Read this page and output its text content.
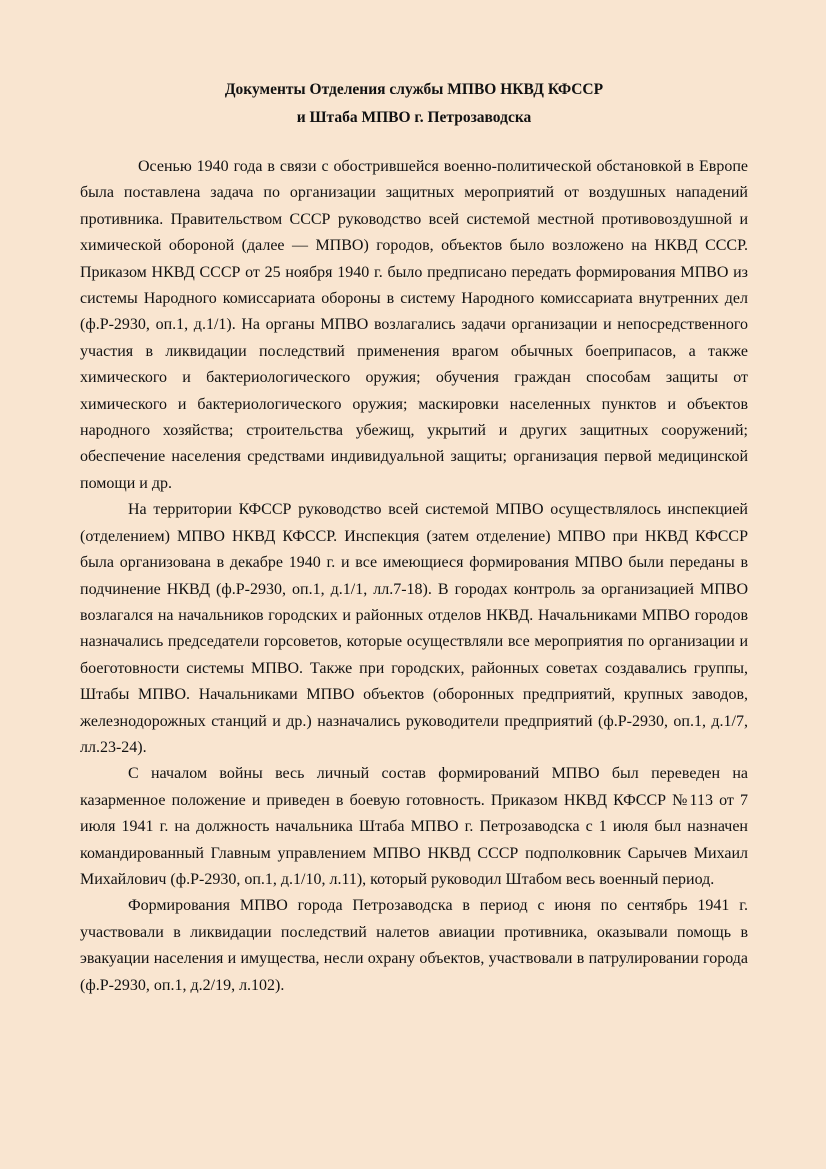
Документы Отделения службы МПВО НКВД КФССР
и Штаба МПВО г. Петрозаводска

Осенью 1940 года в связи с обострившейся военно-политической обстановкой в Европе была поставлена задача по организации защитных мероприятий от воздушных нападений противника. Правительством СССР руководство всей системой местной противовоздушной и химической обороной (далее — МПВО) городов, объектов было возложено на НКВД СССР. Приказом НКВД СССР от 25 ноября 1940 г. было предписано передать формирования МПВО из системы Народного комиссариата обороны в систему Народного комиссариата внутренних дел (ф.Р-2930, оп.1, д.1/1). На органы МПВО возлагались задачи организации и непосредственного участия в ликвидации последствий применения врагом обычных боеприпасов, а также химического и бактериологического оружия; обучения граждан способам защиты от химического и бактериологического оружия; маскировки населенных пунктов и объектов народного хозяйства; строительства убежищ, укрытий и других защитных сооружений; обеспечение населения средствами индивидуальной защиты; организация первой медицинской помощи и др.

На территории КФССР руководство всей системой МПВО осуществлялось инспекцией (отделением) МПВО НКВД КФССР. Инспекция (затем отделение) МПВО при НКВД КФССР была организована в декабре 1940 г. и все имеющиеся формирования МПВО были переданы в подчинение НКВД (ф.Р-2930, оп.1, д.1/1, лл.7-18). В городах контроль за организацией МПВО возлагался на начальников городских и районных отделов НКВД. Начальниками МПВО городов назначались председатели горсоветов, которые осуществляли все мероприятия по организации и боеготовности системы МПВО. Также при городских, районных советах создавались группы, Штабы МПВО. Начальниками МПВО объектов (оборонных предприятий, крупных заводов, железнодорожных станций и др.) назначались руководители предприятий (ф.Р-2930, оп.1, д.1/7, лл.23-24).

С началом войны весь личный состав формирований МПВО был переведен на казарменное положение и приведен в боевую готовность. Приказом НКВД КФССР №113 от 7 июля 1941 г. на должность начальника Штаба МПВО г. Петрозаводска с 1 июля был назначен командированный Главным управлением МПВО НКВД СССР подполковник Сарычев Михаил Михайлович (ф.Р-2930, оп.1, д.1/10, л.11), который руководил Штабом весь военный период.

Формирования МПВО города Петрозаводска в период с июня по сентябрь 1941 г. участвовали в ликвидации последствий налетов авиации противника, оказывали помощь в эвакуации населения и имущества, несли охрану объектов, участвовали в патрулировании города (ф.Р-2930, оп.1, д.2/19, л.102).
